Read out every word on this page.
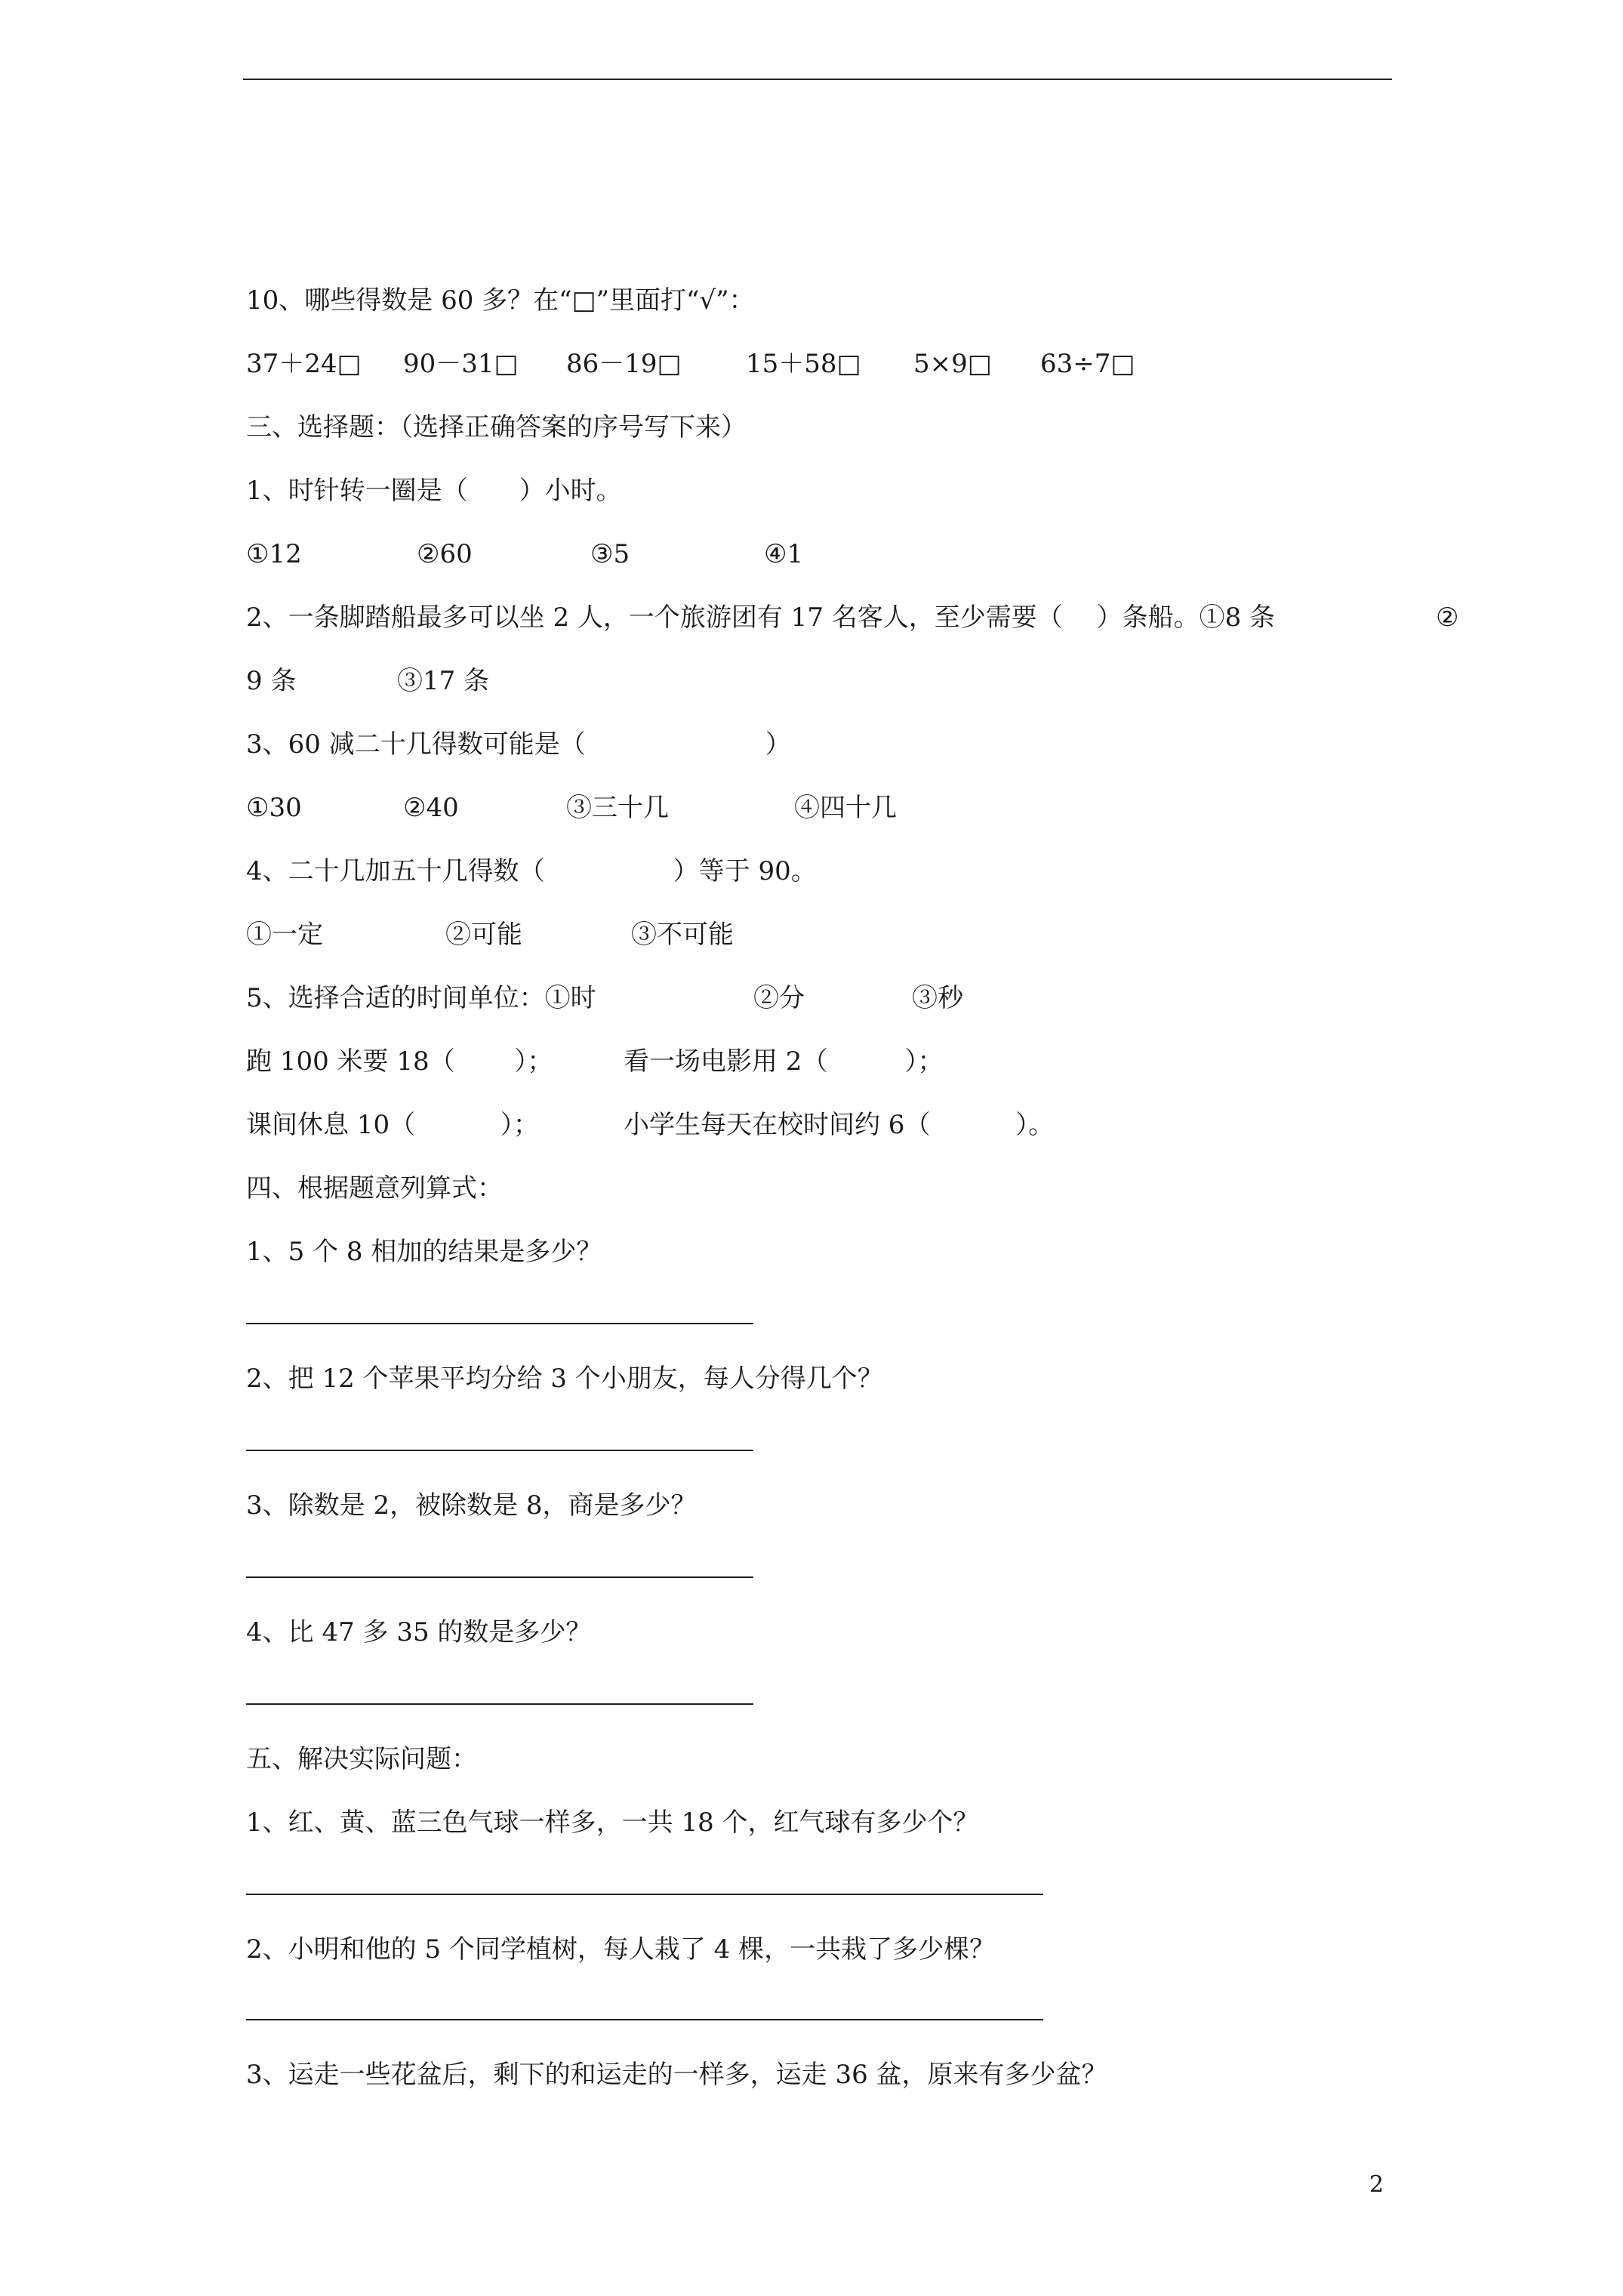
10、哪些得数是 60 多？在“□”里面打“√”：
37＋24□ 90－31□ 86－19□	15＋58□ 5×9□ 63÷7□
三、选择题：（选择正确答案的序号写下来）
1、时针转一圈是（　　）小时。
①12	②60	③5	④1
2、一条脚踏船最多可以坐 2 人，一个旅游团有 17 名客人，至少需要（　 ）条船。①8 条	②
9 条	③17 条
3、60 减二十几得数可能是（　　　　　　　）
①30	②40	③三十几	④四十几
4、二十几加五十几得数（　　　　　）等于 90。
①一定	②可能	③不可能
5、选择合适的时间单位：①时	②分	③秒
跑 100 米要 18（　　 ）；	看一场电影用 2（　　　）；
课间休息 10（　　　 ）；	小学生每天在校时间约 6（　　　 ）。
四、根据题意列算式：
1、5 个 8 相加的结果是多少？
2、把 12 个苹果平均分给 3 个小朋友，每人分得几个？
3、除数是 2，被除数是 8，商是多少？
4、比 47 多 35 的数是多少？
五、解决实际问题：
1、红、黄、蓝三色气球一样多，一共 18 个，红气球有多少个？
2、小明和他的 5 个同学植树，每人栽了 4 棵，一共栽了多少棵？
3、运走一些花盆后，剩下的和运走的一样多，运走 36 盆，原来有多少盆？
2
